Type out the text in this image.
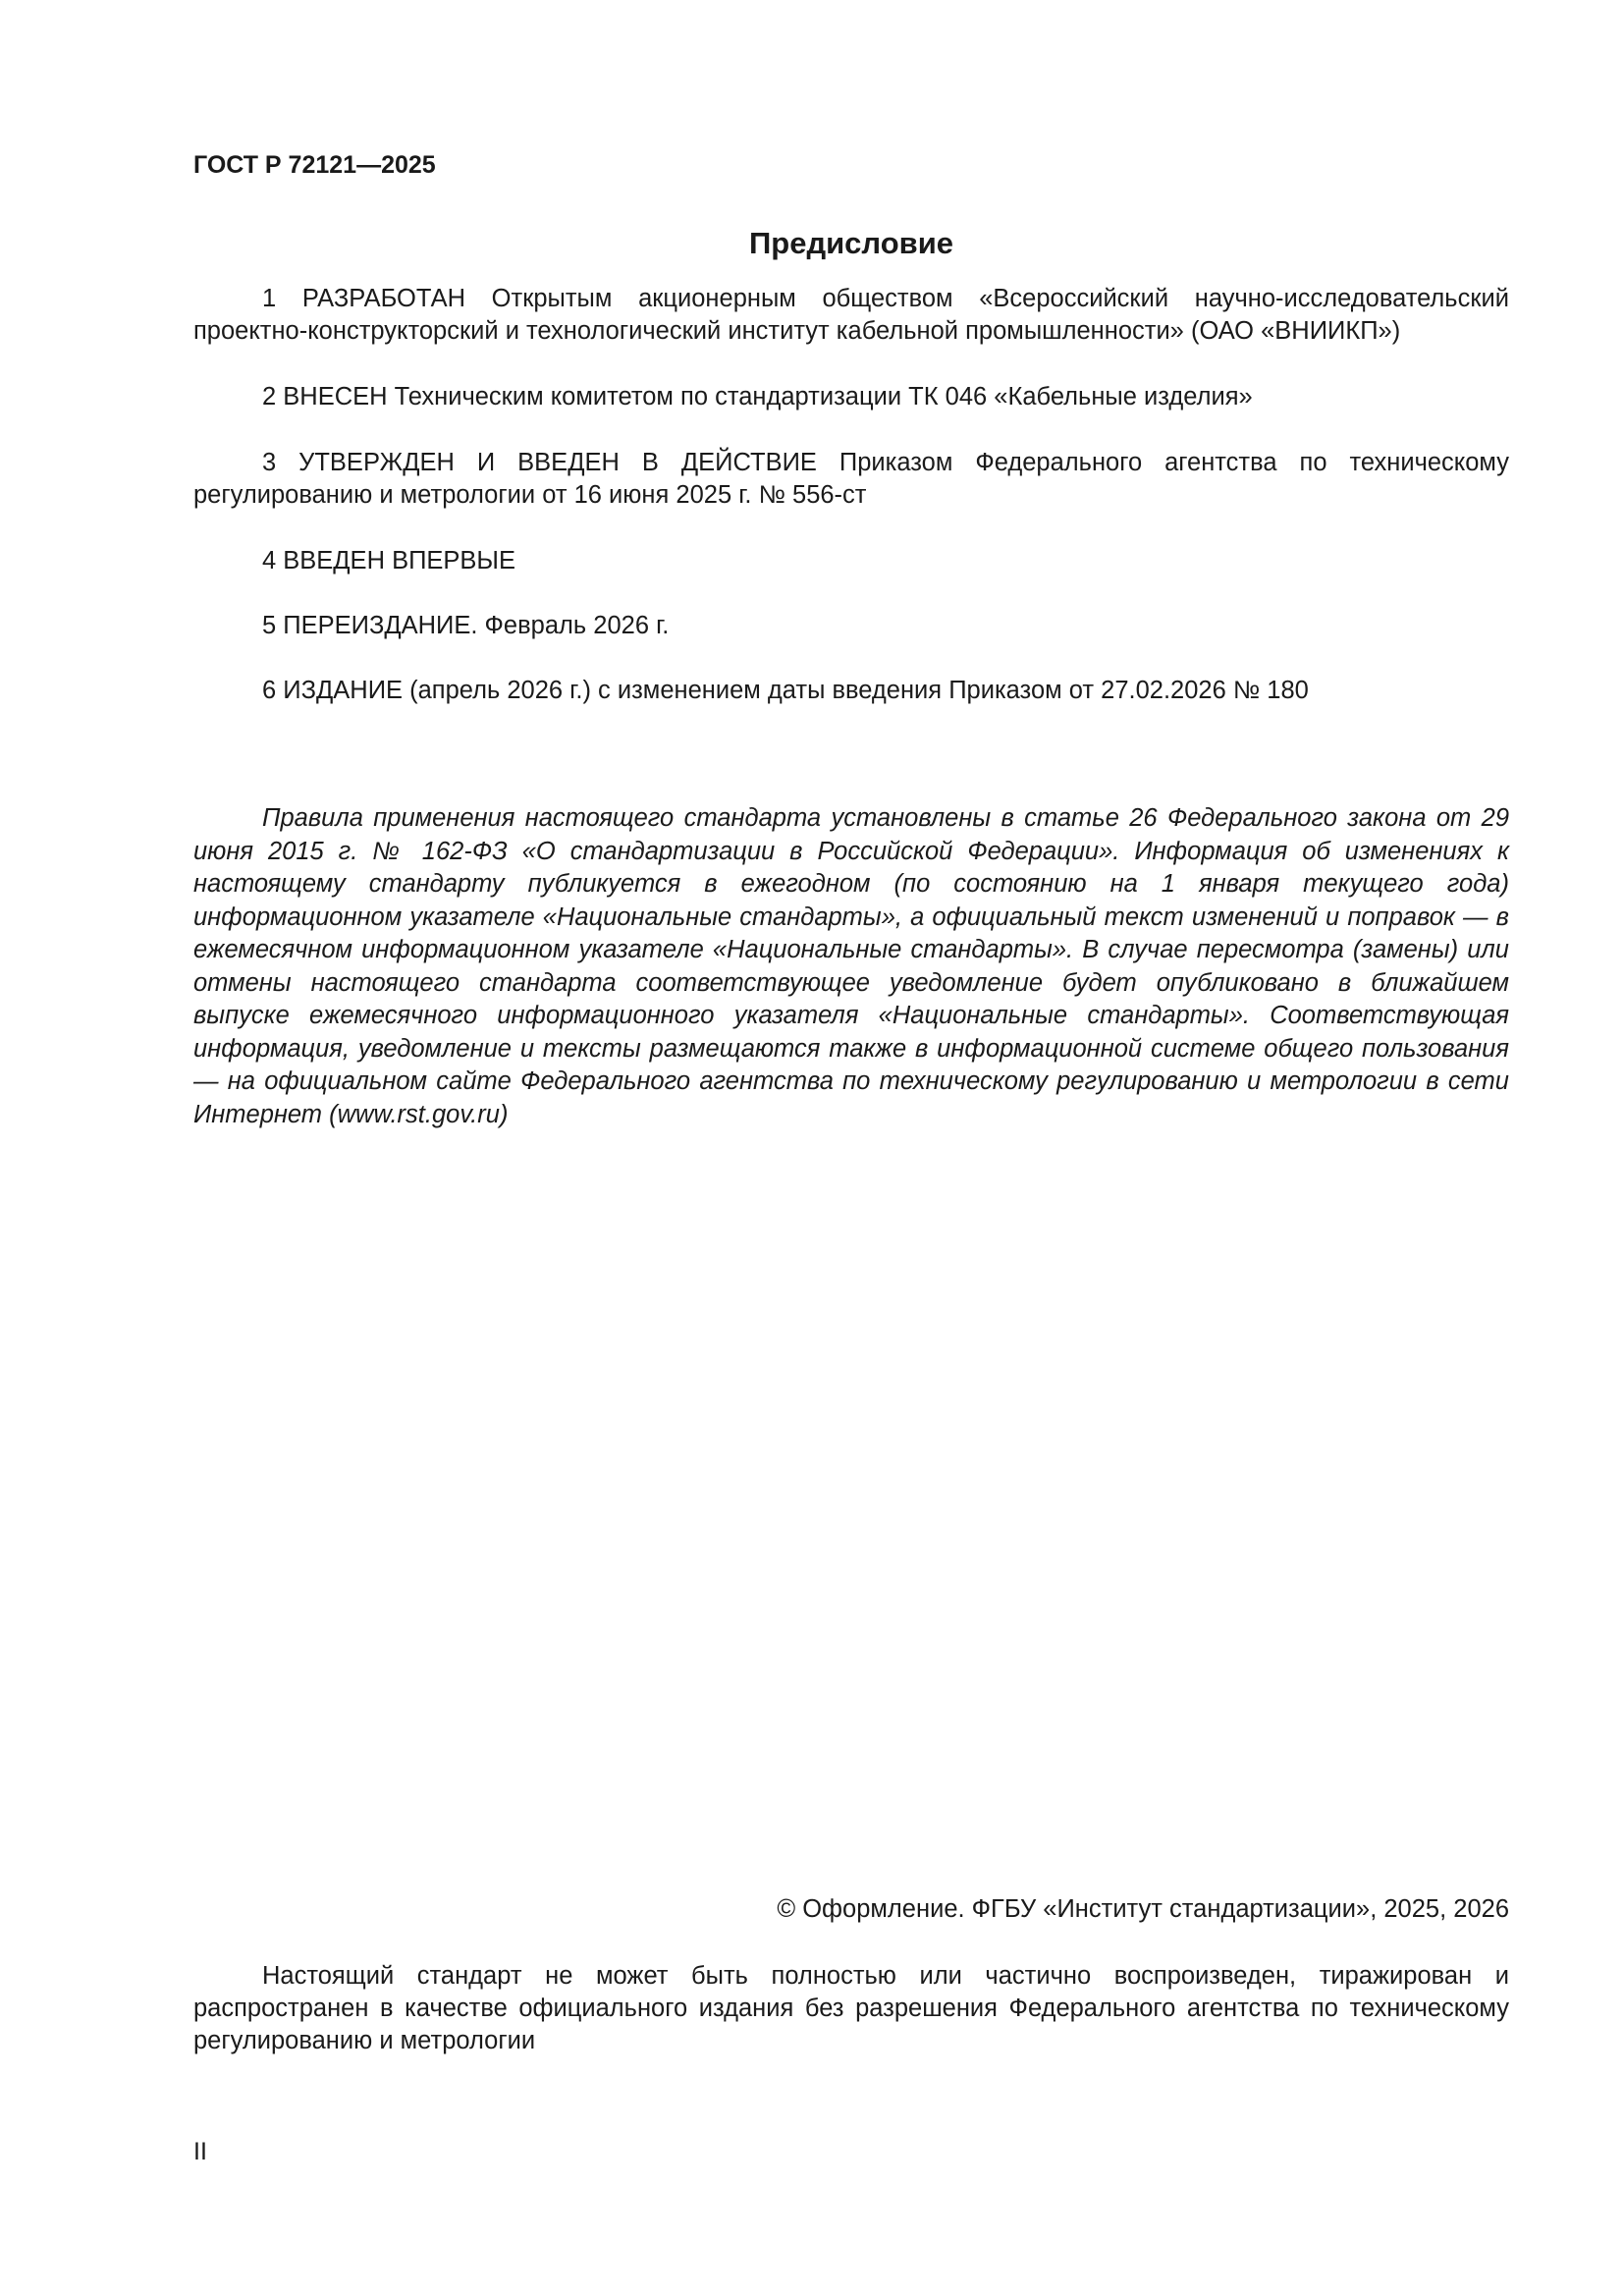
ГОСТ Р 72121—2025
Предисловие

1 РАЗРАБОТАН Открытым акционерным обществом «Всероссийский научно-исследовательский проектно-конструкторский и технологический институт кабельной промышленности» (ОАО «ВНИИКП»)

2 ВНЕСЕН Техническим комитетом по стандартизации ТК 046 «Кабельные изделия»

3 УТВЕРЖДЕН И ВВЕДЕН В ДЕЙСТВИЕ Приказом Федерального агентства по техническому регулированию и метрологии от 16 июня 2025 г. № 556-ст

4 ВВЕДЕН ВПЕРВЫЕ

5 ПЕРЕИЗДАНИЕ. Февраль 2026 г.

6 ИЗДАНИЕ (апрель 2026 г.) с изменением даты введения Приказом от 27.02.2026 № 180

Правила применения настоящего стандарта установлены в статье 26 Федерального закона от 29 июня 2015 г. № 162-ФЗ «О стандартизации в Российской Федерации». Информация об изменениях к настоящему стандарту публикуется в ежегодном (по состоянию на 1 января текущего года) информационном указателе «Национальные стандарты», а официальный текст изменений и поправок — в ежемесячном информационном указателе «Национальные стандарты». В случае пересмотра (замены) или отмены настоящего стандарта соответствующее уведомление будет опубликовано в ближайшем выпуске ежемесячного информационного указателя «Национальные стандарты». Соответствующая информация, уведомление и тексты размещаются также в информационной системе общего пользования — на официальном сайте Федерального агентства по техническому регулированию и метрологии в сети Интернет (www.rst.gov.ru)

© Оформление. ФГБУ «Институт стандартизации», 2025, 2026

Настоящий стандарт не может быть полностью или частично воспроизведен, тиражирован и распространен в качестве официального издания без разрешения Федерального агентства по техническому регулированию и метрологии

II
